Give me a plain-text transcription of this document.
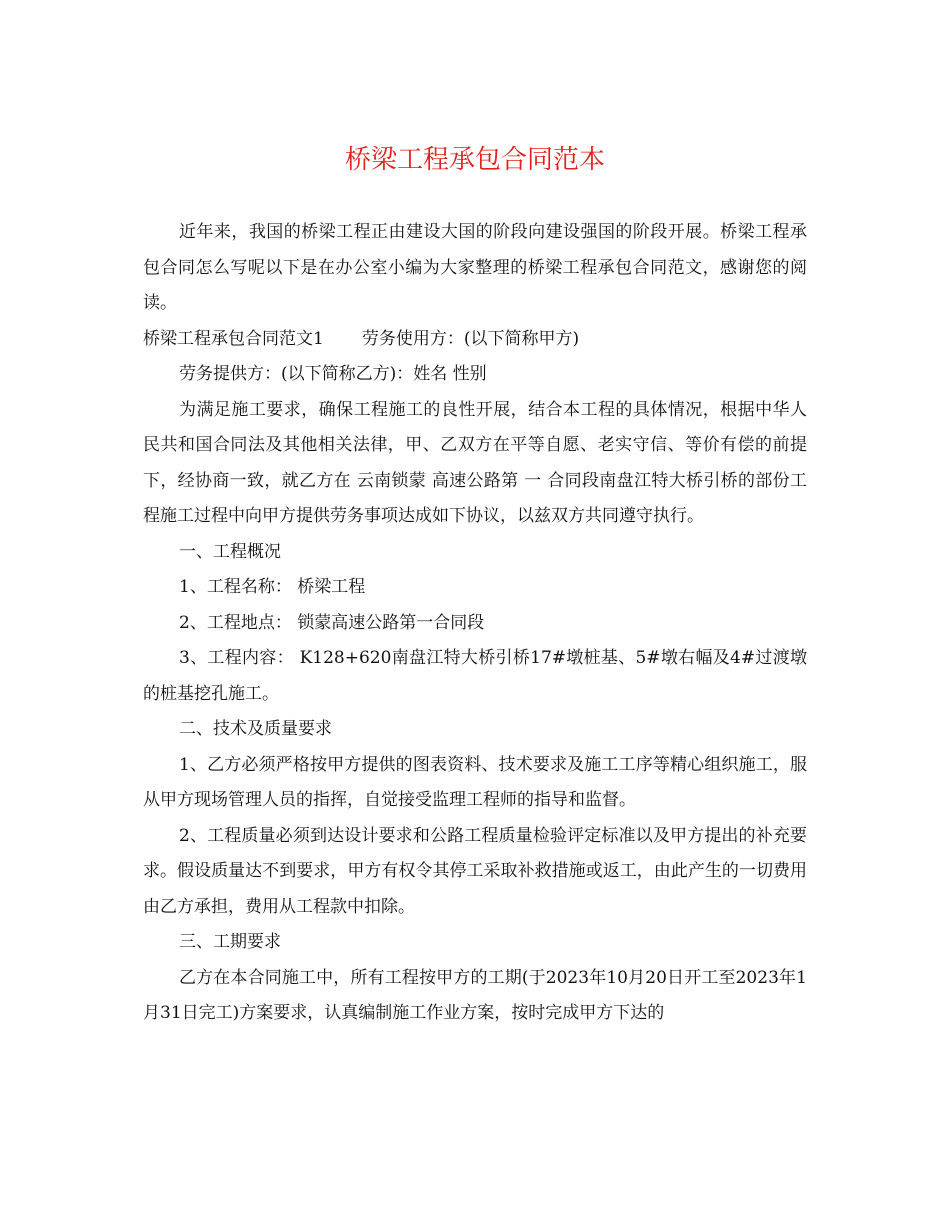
桥梁工程承包合同范本

近年来，我国的桥梁工程正由建设大国的阶段向建设强国的阶段开展。桥梁工程承包合同怎么写呢以下是在办公室小编为大家整理的桥梁工程承包合同范文，感谢您的阅读。

桥梁工程承包合同范文1 劳务使用方：(以下简称甲方)

劳务提供方：(以下简称乙方)：姓名 性别

为满足施工要求，确保工程施工的良性开展，结合本工程的具体情况，根据中华人民共和国合同法及其他相关法律，甲、乙双方在平等自愿、老实守信、等价有偿的前提下，经协商一致，就乙方在 云南锁蒙 高速公路第 一 合同段南盘江特大桥引桥的部份工程施工过程中向甲方提供劳务事项达成如下协议，以兹双方共同遵守执行。

一、工程概况

1、工程名称： 桥梁工程

2、工程地点： 锁蒙高速公路第一合同段

3、工程内容： K128+620南盘江特大桥引桥17#墩桩基、5#墩右幅及4#过渡墩的桩基挖孔施工。

二、技术及质量要求

1、乙方必须严格按甲方提供的图表资料、技术要求及施工工序等精心组织施工，服从甲方现场管理人员的指挥，自觉接受监理工程师的指导和监督。

2、工程质量必须到达设计要求和公路工程质量检验评定标准以及甲方提出的补充要求。假设质量达不到要求，甲方有权令其停工采取补救措施或返工，由此产生的一切费用由乙方承担，费用从工程款中扣除。

三、工期要求

乙方在本合同施工中，所有工程按甲方的工期(于2023年10月20日开工至2023年1月31日完工)方案要求，认真编制施工作业方案，按时完成甲方下达的
